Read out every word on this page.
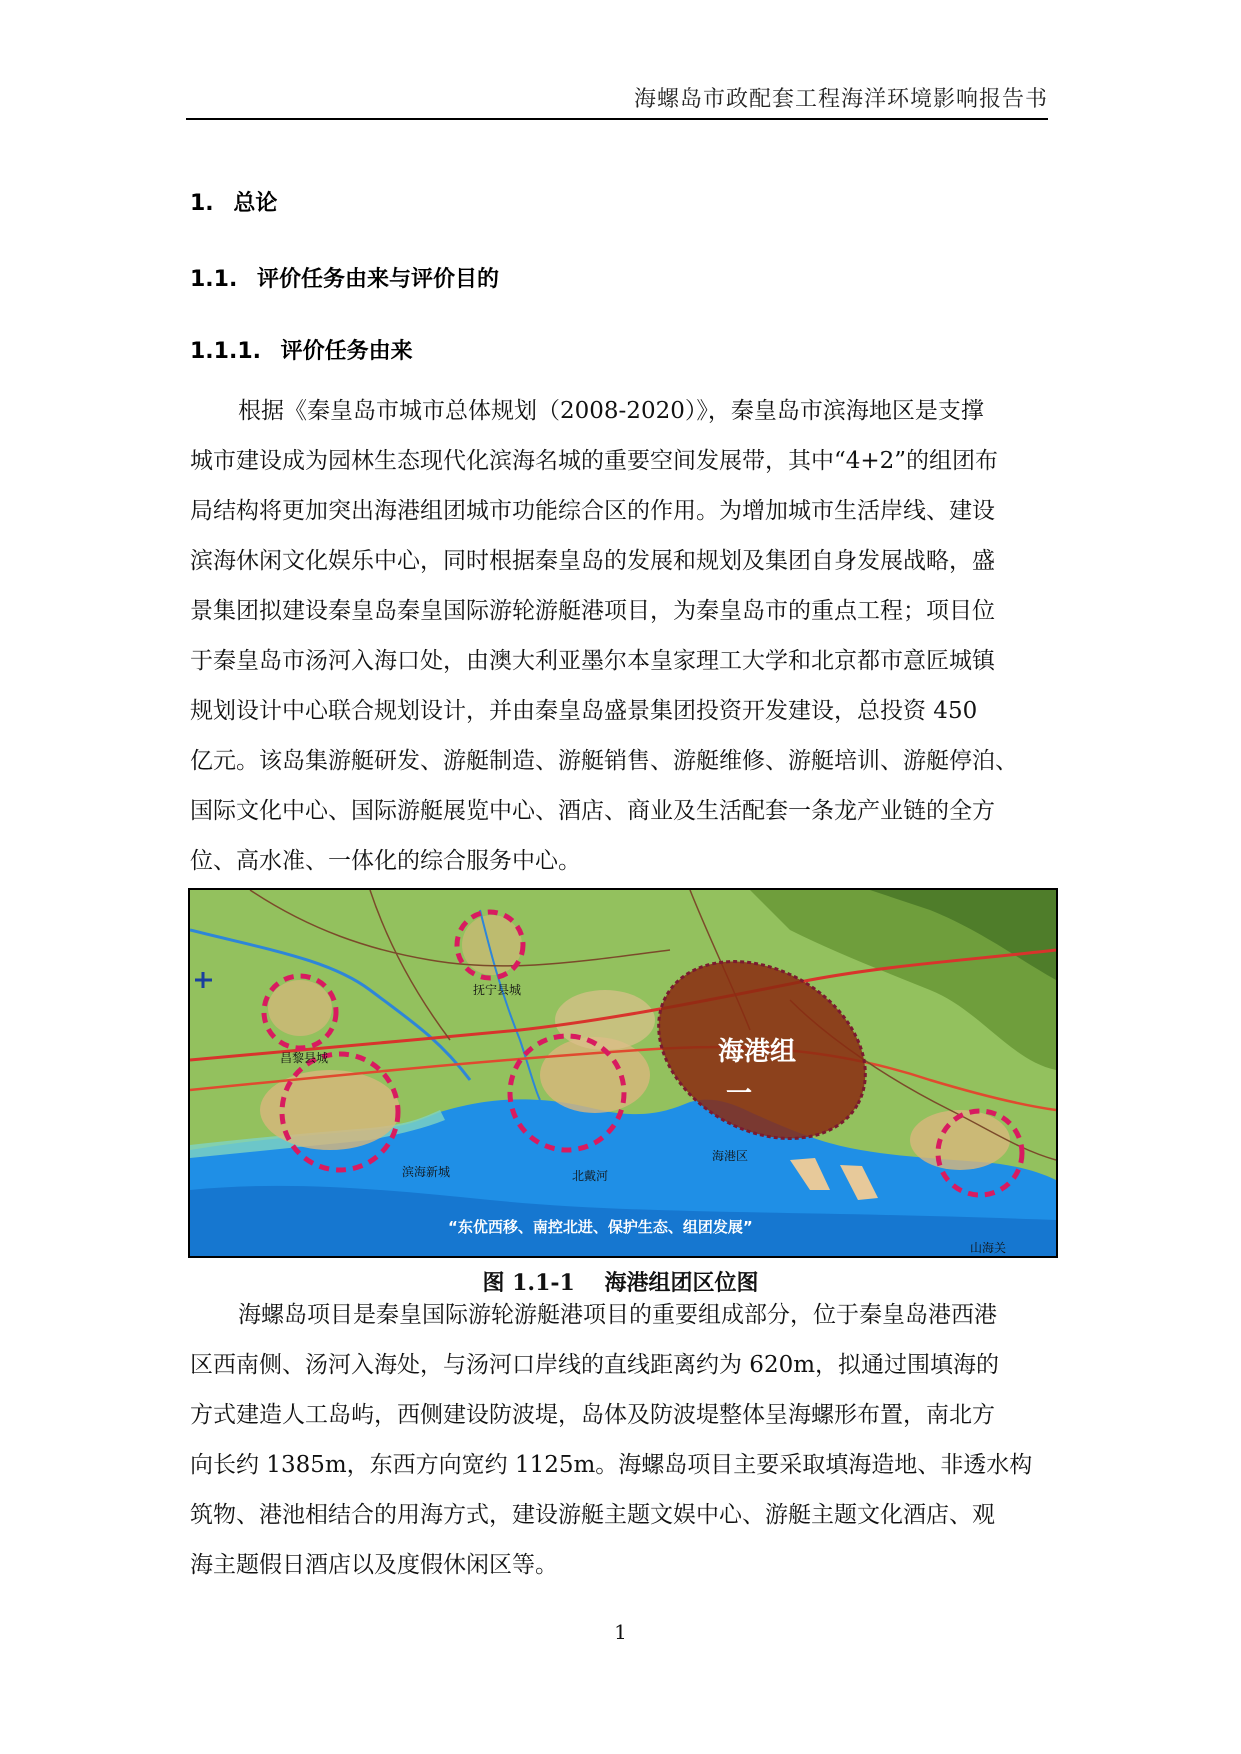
海螺岛市政配套工程海洋环境影响报告书
1. 总论
1.1. 评价任务由来与评价目的
1.1.1. 评价任务由来
根据《秦皇岛市城市总体规划（2008-2020）》，秦皇岛市滨海地区是支撑
城市建设成为园林生态现代化滨海名城的重要空间发展带，其中“4+2”的组团布
局结构将更加突出海港组团城市功能综合区的作用。为增加城市生活岸线、建设
滨海休闲文化娱乐中心，同时根据秦皇岛的发展和规划及集团自身发展战略，盛
景集团拟建设秦皇岛秦皇国际游轮游艇港项目，为秦皇岛市的重点工程；项目位
于秦皇岛市汤河入海口处，由澳大利亚墨尔本皇家理工大学和北京都市意匠城镇
规划设计中心联合规划设计，并由秦皇岛盛景集团投资开发建设，总投资 450
亿元。该岛集游艇研发、游艇制造、游艇销售、游艇维修、游艇培训、游艇停泊、
国际文化中心、国际游艇展览中心、酒店、商业及生活配套一条龙产业链的全方
位、高水准、一体化的综合服务中心。
抚宁县城
昌黎县城
滨海新城	北戴河
海港区
山海关
海港组
一
“东优西移、南控北进、保护生态、组团发展”
图 1.1-1 海港组团区位图
海螺岛项目是秦皇国际游轮游艇港项目的重要组成部分，位于秦皇岛港西港
区西南侧、汤河入海处，与汤河口岸线的直线距离约为 620m，拟通过围填海的
方式建造人工岛屿，西侧建设防波堤，岛体及防波堤整体呈海螺形布置，南北方
向长约 1385m，东西方向宽约 1125m。海螺岛项目主要采取填海造地、非透水构
筑物、港池相结合的用海方式，建设游艇主题文娱中心、游艇主题文化酒店、观
海主题假日酒店以及度假休闲区等。
1
